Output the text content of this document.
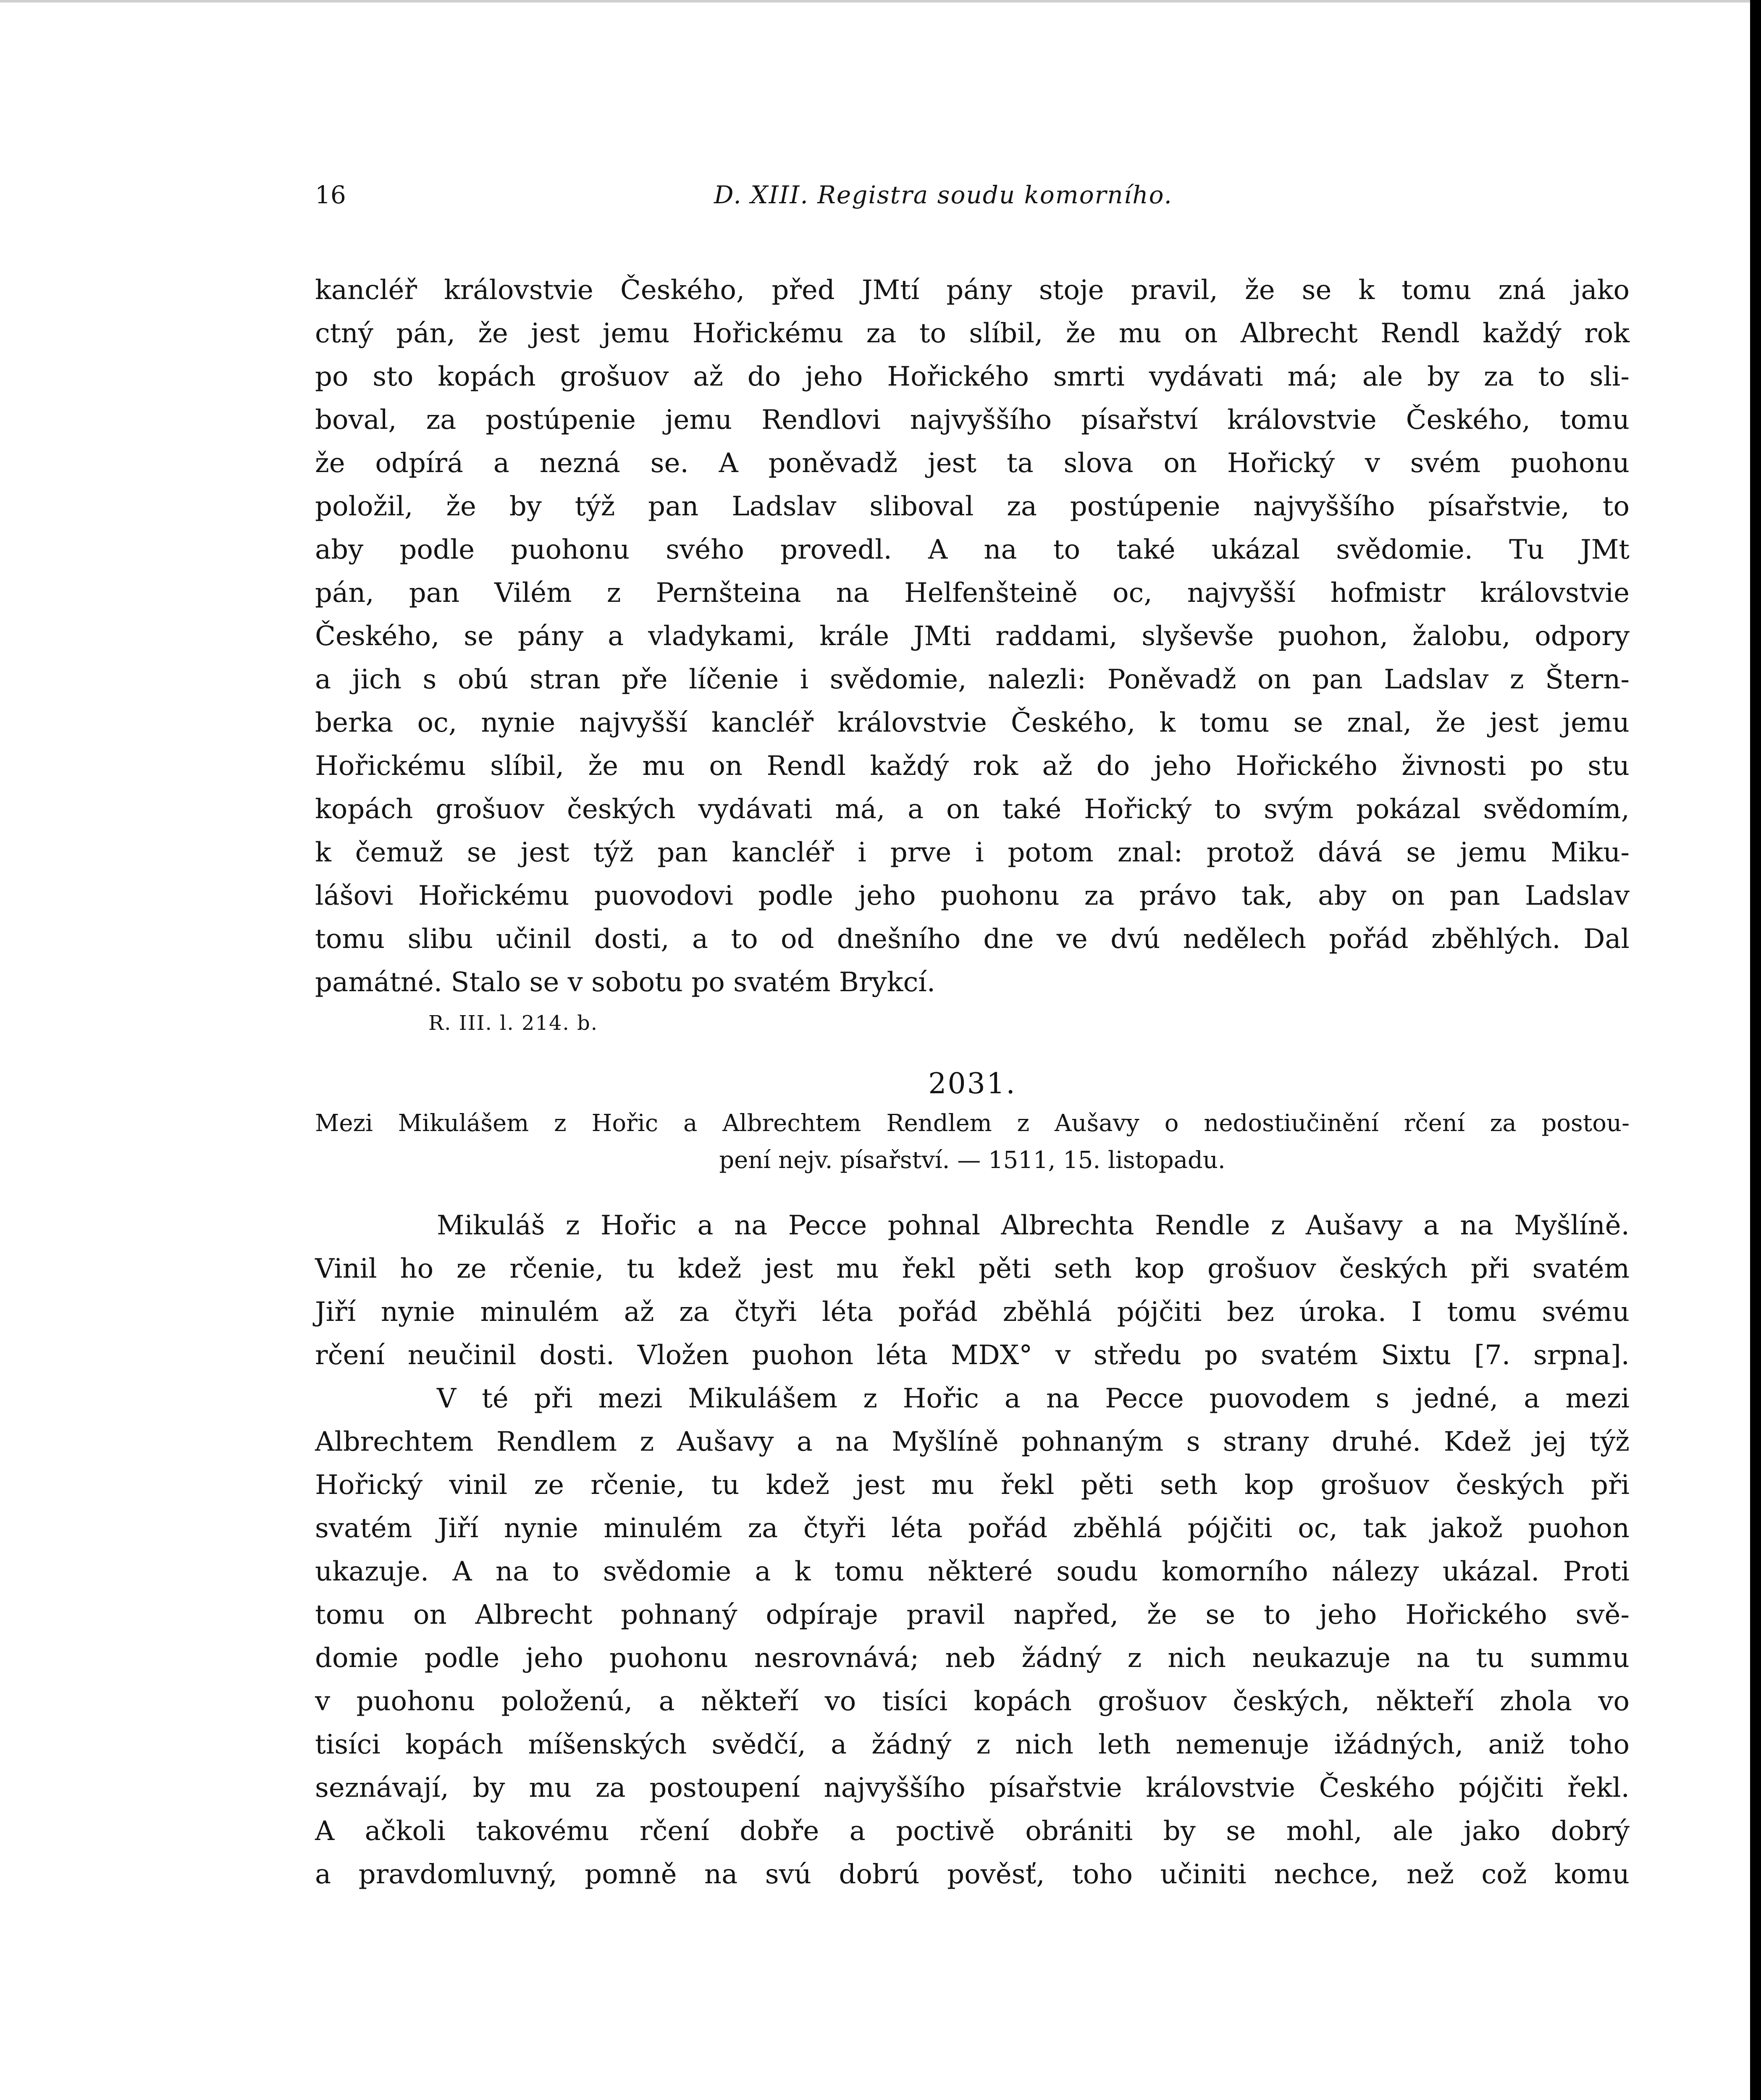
16	D. XIII. Registra soudu komorního.
kancléř královstvie Českého, před JMtí pány stoje pravil, že se k tomu zná jako
ctný pán, že jest jemu Hořickému za to slíbil, že mu on Albrecht Rendl každý rok
po sto kopách grošuov až do jeho Hořického smrti vydávati má; ale by za to sli-
boval, za postúpenie jemu Rendlovi najvyššího písařství královstvie Českého, tomu
že odpírá a nezná se. A poněvadž jest ta slova on Hořický v svém puohonu
položil, že by týž pan Ladslav sliboval za postúpenie najvyššího písařstvie, to
aby podle puohonu svého provedl. A na to také ukázal svědomie. Tu JMt
pán, pan Vilém z Pernšteina na Helfenšteině oc, najvyšší hofmistr královstvie
Českého, se pány a vladykami, krále JMti raddami, slyševše puohon, žalobu, odpory
a jich s obú stran pře líčenie i svědomie, nalezli: Poněvadž on pan Ladslav z Štern-
berka oc, nynie najvyšší kancléř královstvie Českého, k tomu se znal, že jest jemu
Hořickému slíbil, že mu on Rendl každý rok až do jeho Hořického živnosti po stu
kopách grošuov českých vydávati má, a on také Hořický to svým pokázal svědomím,
k čemuž se jest týž pan kancléř i prve i potom znal: protož dává se jemu Miku-
lášovi Hořickému puovodovi podle jeho puohonu za právo tak, aby on pan Ladslav
tomu slibu učinil dosti, a to od dnešního dne ve dvú nedělech pořád zběhlých. Dal
památné. Stalo se v sobotu po svatém Brykcí.
R. III. l. 214. b.
2031.
Mezi Mikulášem z Hořic a Albrechtem Rendlem z Aušavy o nedostiučinění rčení za postou-
pení nejv. písařství. — 1511, 15. listopadu.
Mikuláš z Hořic a na Pecce pohnal Albrechta Rendle z Aušavy a na Myšlíně.
Vinil ho ze rčenie, tu kdež jest mu řekl pěti seth kop grošuov českých při svatém
Jiří nynie minulém až za čtyři léta pořád zběhlá pójčiti bez úroka. I tomu svému
rčení neučinil dosti. Vložen puohon léta MDX° v středu po svatém Sixtu [7. srpna].
V té při mezi Mikulášem z Hořic a na Pecce puovodem s jedné, a mezi
Albrechtem Rendlem z Aušavy a na Myšlíně pohnaným s strany druhé. Kdež jej týž
Hořický vinil ze rčenie, tu kdež jest mu řekl pěti seth kop grošuov českých při
svatém Jiří nynie minulém za čtyři léta pořád zběhlá pójčiti oc, tak jakož puohon
ukazuje. A na to svědomie a k tomu některé soudu komorního nálezy ukázal. Proti
tomu on Albrecht pohnaný odpíraje pravil napřed, že se to jeho Hořického svě-
domie podle jeho puohonu nesrovnává; neb žádný z nich neukazuje na tu summu
v puohonu položenú, a někteří vo tisíci kopách grošuov českých, někteří zhola vo
tisíci kopách míšenských svědčí, a žádný z nich leth nemenuje ižádných, aniž toho
seznávají, by mu za postoupení najvyššího písařstvie královstvie Českého pójčiti řekl.
A ačkoli takovému rčení dobře a poctivě obrániti by se mohl, ale jako dobrý
a pravdomluvný, pomně na svú dobrú pověsť, toho učiniti nechce, než což komu
